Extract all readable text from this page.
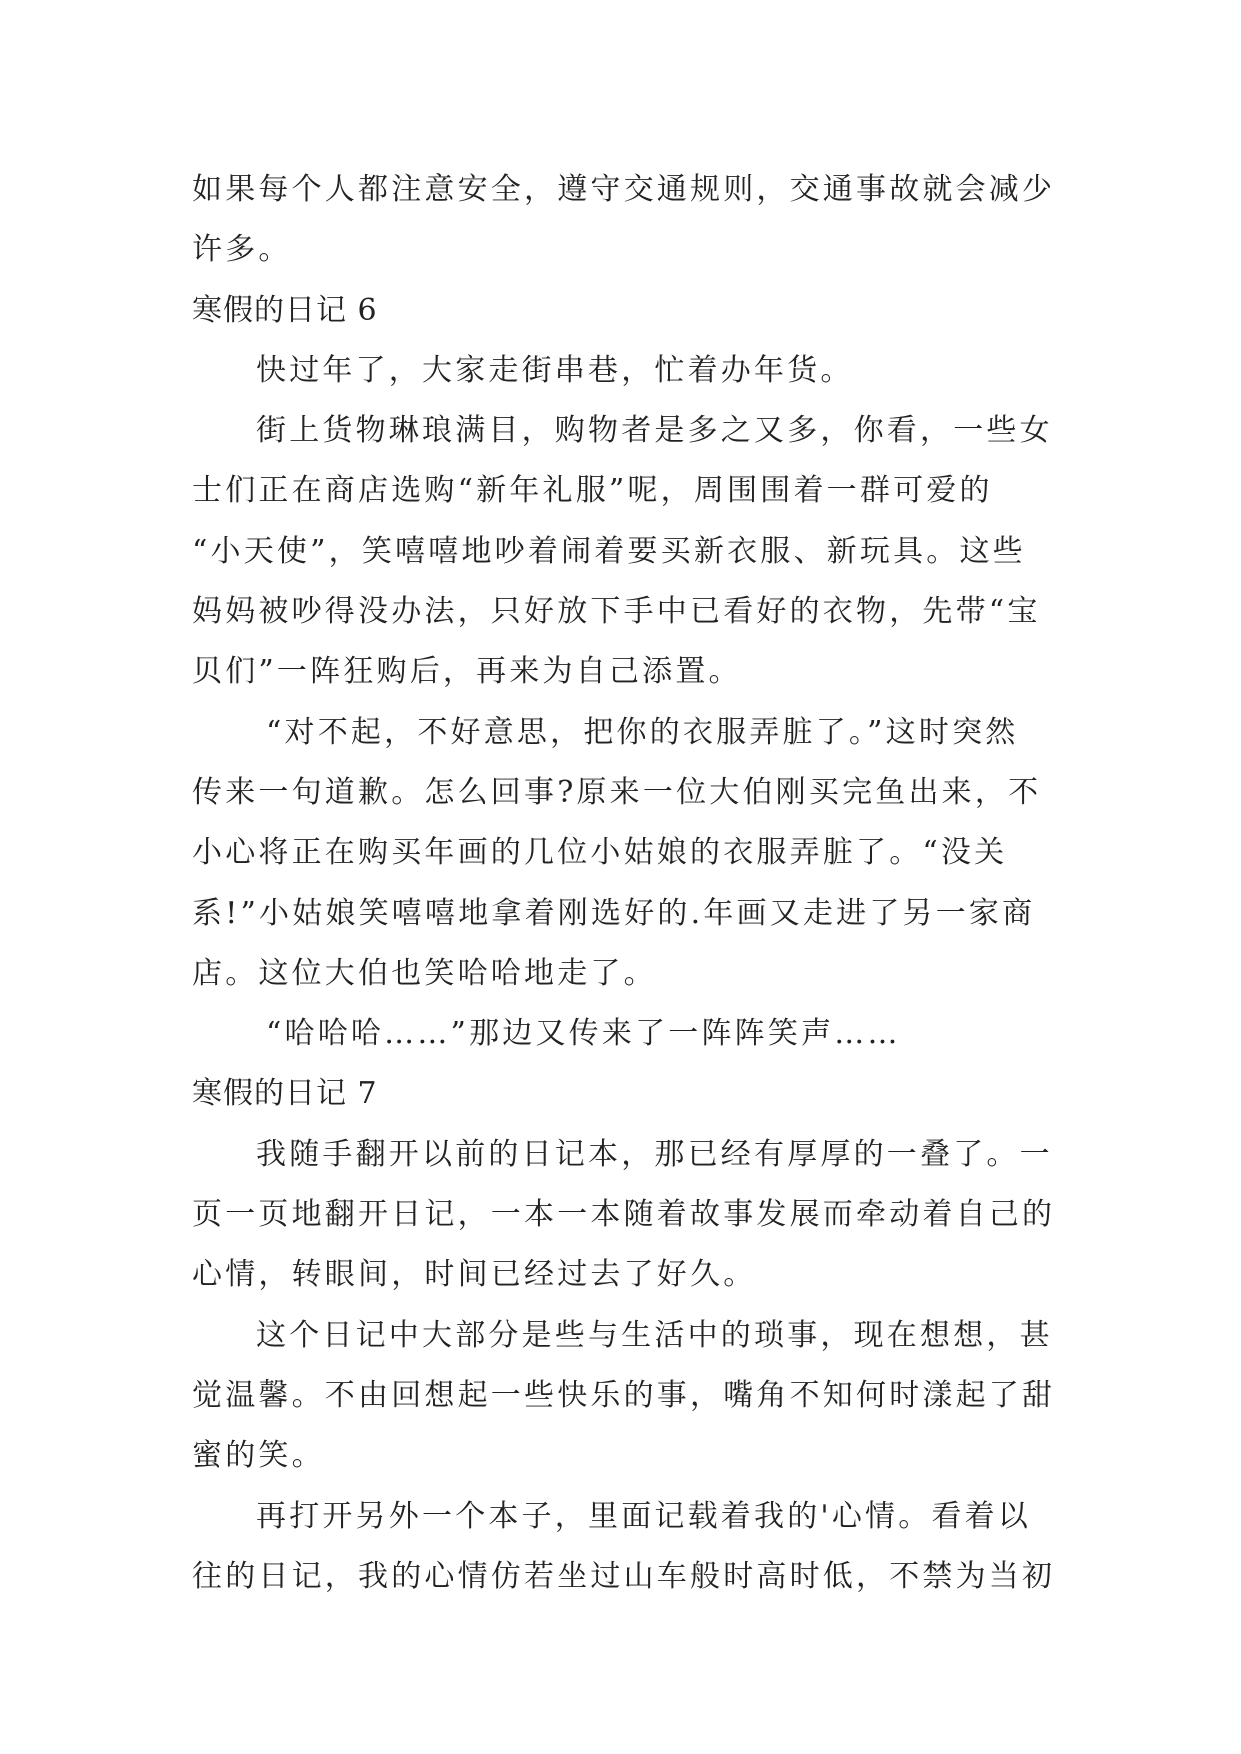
如果每个人都注意安全，遵守交通规则，交通事故就会减少
许多。
寒假的日记 6
快过年了，大家走街串巷，忙着办年货。
街上货物琳琅满目，购物者是多之又多，你看，一些女
士们正在商店选购“新年礼服”呢，周围围着一群可爱的
“小天使”，笑嘻嘻地吵着闹着要买新衣服、新玩具。这些
妈妈被吵得没办法，只好放下手中已看好的衣物，先带“宝
贝们”一阵狂购后，再来为自己添置。
“对不起，不好意思，把你的衣服弄脏了。”这时突然
传来一句道歉。怎么回事?原来一位大伯刚买完鱼出来，不
小心将正在购买年画的几位小姑娘的衣服弄脏了。“没关
系!”小姑娘笑嘻嘻地拿着刚选好的.年画又走进了另一家商
店。这位大伯也笑哈哈地走了。
“哈哈哈……”那边又传来了一阵阵笑声……
寒假的日记 7
我随手翻开以前的日记本，那已经有厚厚的一叠了。一
页一页地翻开日记，一本一本随着故事发展而牵动着自己的
心情，转眼间，时间已经过去了好久。
这个日记中大部分是些与生活中的琐事，现在想想，甚
觉温馨。不由回想起一些快乐的事，嘴角不知何时漾起了甜
蜜的笑。
再打开另外一个本子，里面记载着我的'心情。看着以
往的日记，我的心情仿若坐过山车般时高时低，不禁为当初
